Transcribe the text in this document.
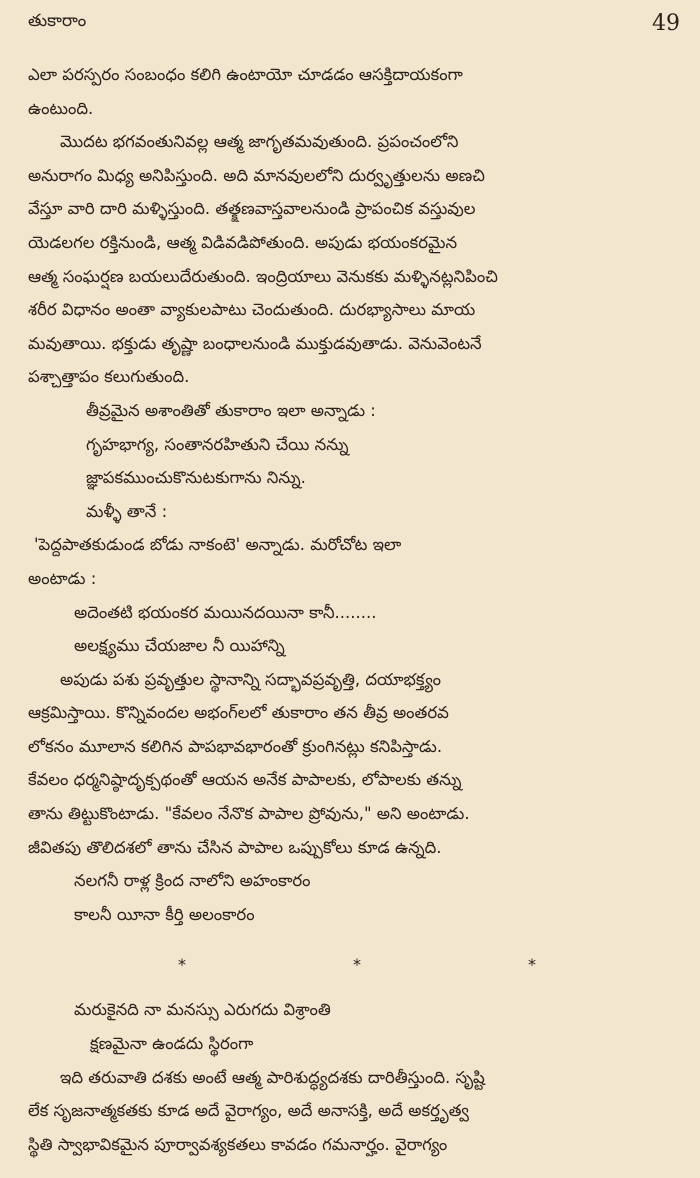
తుకారాం	49
ఎలా పరస్పరం సంబంధం కలిగి ఉంటాయో చూడడం ఆసక్తిదాయకంగా
ఉంటుంది.
మొదట భగవంతునివల్ల ఆత్మ జాగృతమవుతుంది. ప్రపంచంలోని
అనురాగం మిధ్య అనిపిస్తుంది. అది మానవులలోని దుర్వృత్తులను అణచి
వేస్తూ వారి దారి మళ్ళిస్తుంది. తత్క్షణవాస్తవాలనుండి ప్రాపంచిక వస్తువుల
యెడలగల రక్తినుండి, ఆత్మ విడివడిపోతుంది. అపుడు భయంకరమైన
ఆత్మ సంఘర్షణ బయలుదేరుతుంది. ఇంద్రియాలు వెనుకకు మళ్ళినట్లనిపించి
శరీర విధానం అంతా వ్యాకులపాటు చెందుతుంది. దురభ్యాసాలు మాయ
మవుతాయి. భక్తుడు తృష్ణా బంధాలనుండి ముక్తుడవుతాడు. వెనువెంటనే
పశ్చాత్తాపం కలుగుతుంది.
తీవ్రమైన అశాంతితో తుకారాం ఇలా అన్నాడు :
గృహభాగ్య, సంతానరహితుని చేయి నన్ను
జ్ఞాపకముంచుకొనుటకుగాను నిన్ను.
మళ్ళీ తానే :
'పెద్దపాతకుడుండ బోడు నాకంటె' అన్నాడు. మరోచోట ఇలా
అంటాడు :
అదెంతటి భయంకర మయినదయినా కానీ........
అలక్ష్యము చేయజాల నీ యిహాన్ని
అపుడు పశు ప్రవృత్తుల స్థానాన్ని సద్భావప్రవృత్తి, దయాభక్త్యం
ఆక్రమిస్తాయి. కొన్నివందల అభంగ్‌లలో తుకారాం తన తీవ్ర అంతరవ
లోకనం మూలాన కలిగిన పాపభావభారంతో క్రుంగినట్లు కనిపిస్తాడు.
కేవలం ధర్మనిష్ఠాదృక్పథంతో ఆయన అనేక పాపాలకు, లోపాలకు తన్ను
తాను తిట్టుకొంటాడు. "కేవలం నేనొక పాపాల ప్రోవును," అని అంటాడు.
జీవితపు తొలిదశలో తాను చేసిన పాపాల ఒప్పుకోలు కూడ ఉన్నది.
నలగనీ రాళ్ల క్రింద నాలోని అహంకారం
కాలనీ యీనా కీర్తి అలంకారం
*	*	*
మరుకైనది నా మనస్సు ఎరుగదు విశ్రాంతి
క్షణమైనా ఉండదు స్థిరంగా
ఇది తరువాతి దశకు అంటే ఆత్మ పారిశుద్ధ్యదశకు దారితీస్తుంది. సృష్టి
లేక సృజనాత్మకతకు కూడ అదే వైరాగ్యం, అదే అనాసక్తి, అదే అకర్తృత్వ
స్థితి స్వాభావికమైన పూర్వావశ్యకతలు కావడం గమనార్హం. వైరాగ్యం
